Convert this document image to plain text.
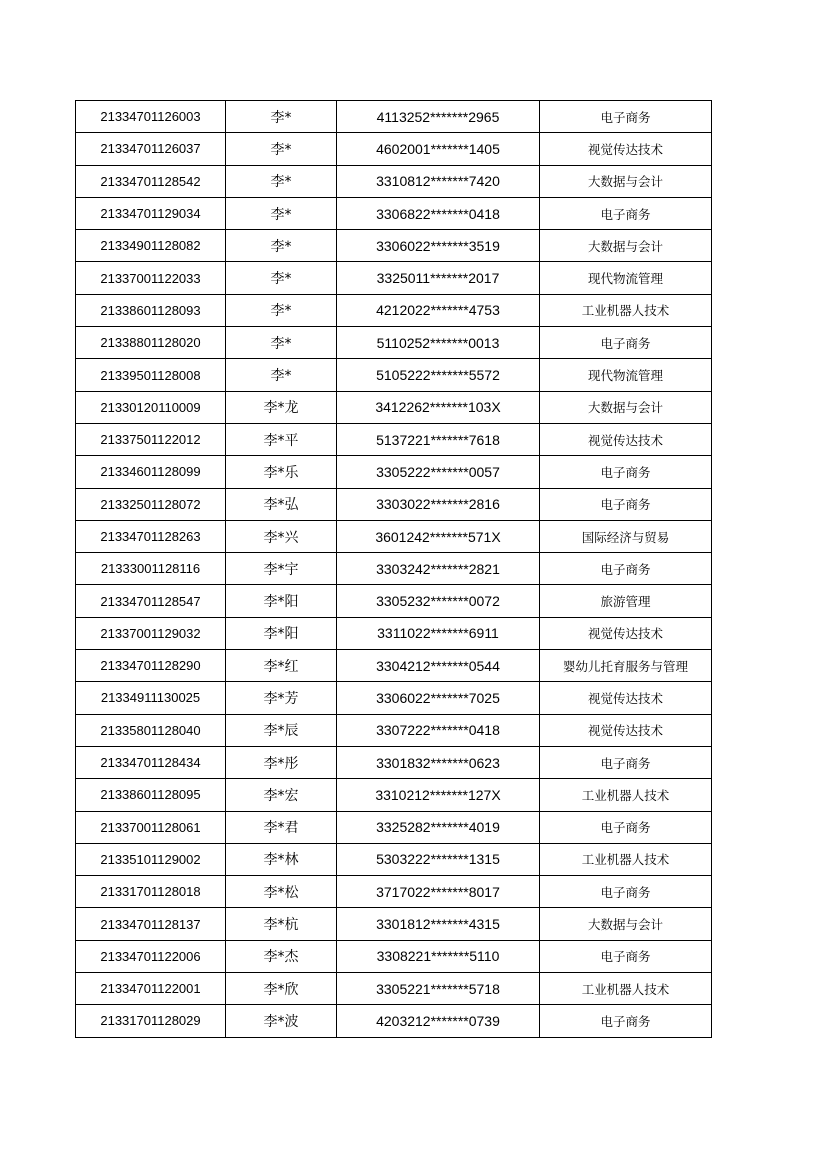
21334701126003	李*	4113252*******2965	电子商务
21334701126037	李*	4602001*******1405	视觉传达技术
21334701128542	李*	3310812*******7420	大数据与会计
21334701129034	李*	3306822*******0418	电子商务
21334901128082	李*	3306022*******3519	大数据与会计
21337001122033	李*	3325011*******2017	现代物流管理
21338601128093	李*	4212022*******4753	工业机器人技术
21338801128020	李*	5110252*******0013	电子商务
21339501128008	李*	5105222*******5572	现代物流管理
21330120110009	李*龙	3412262*******103X	大数据与会计
21337501122012	李*平	5137221*******7618	视觉传达技术
21334601128099	李*乐	3305222*******0057	电子商务
21332501128072	李*弘	3303022*******2816	电子商务
21334701128263	李*兴	3601242*******571X	国际经济与贸易
21333001128116	李*宇	3303242*******2821	电子商务
21334701128547	李*阳	3305232*******0072	旅游管理
21337001129032	李*阳	3311022*******6911	视觉传达技术
21334701128290	李*红	3304212*******0544	婴幼儿托育服务与管理
21334911130025	李*芳	3306022*******7025	视觉传达技术
21335801128040	李*辰	3307222*******0418	视觉传达技术
21334701128434	李*彤	3301832*******0623	电子商务
21338601128095	李*宏	3310212*******127X	工业机器人技术
21337001128061	李*君	3325282*******4019	电子商务
21335101129002	李*林	5303222*******1315	工业机器人技术
21331701128018	李*松	3717022*******8017	电子商务
21334701128137	李*杭	3301812*******4315	大数据与会计
21334701122006	李*杰	3308221*******5110	电子商务
21334701122001	李*欣	3305221*******5718	工业机器人技术
21331701128029	李*波	4203212*******0739	电子商务
